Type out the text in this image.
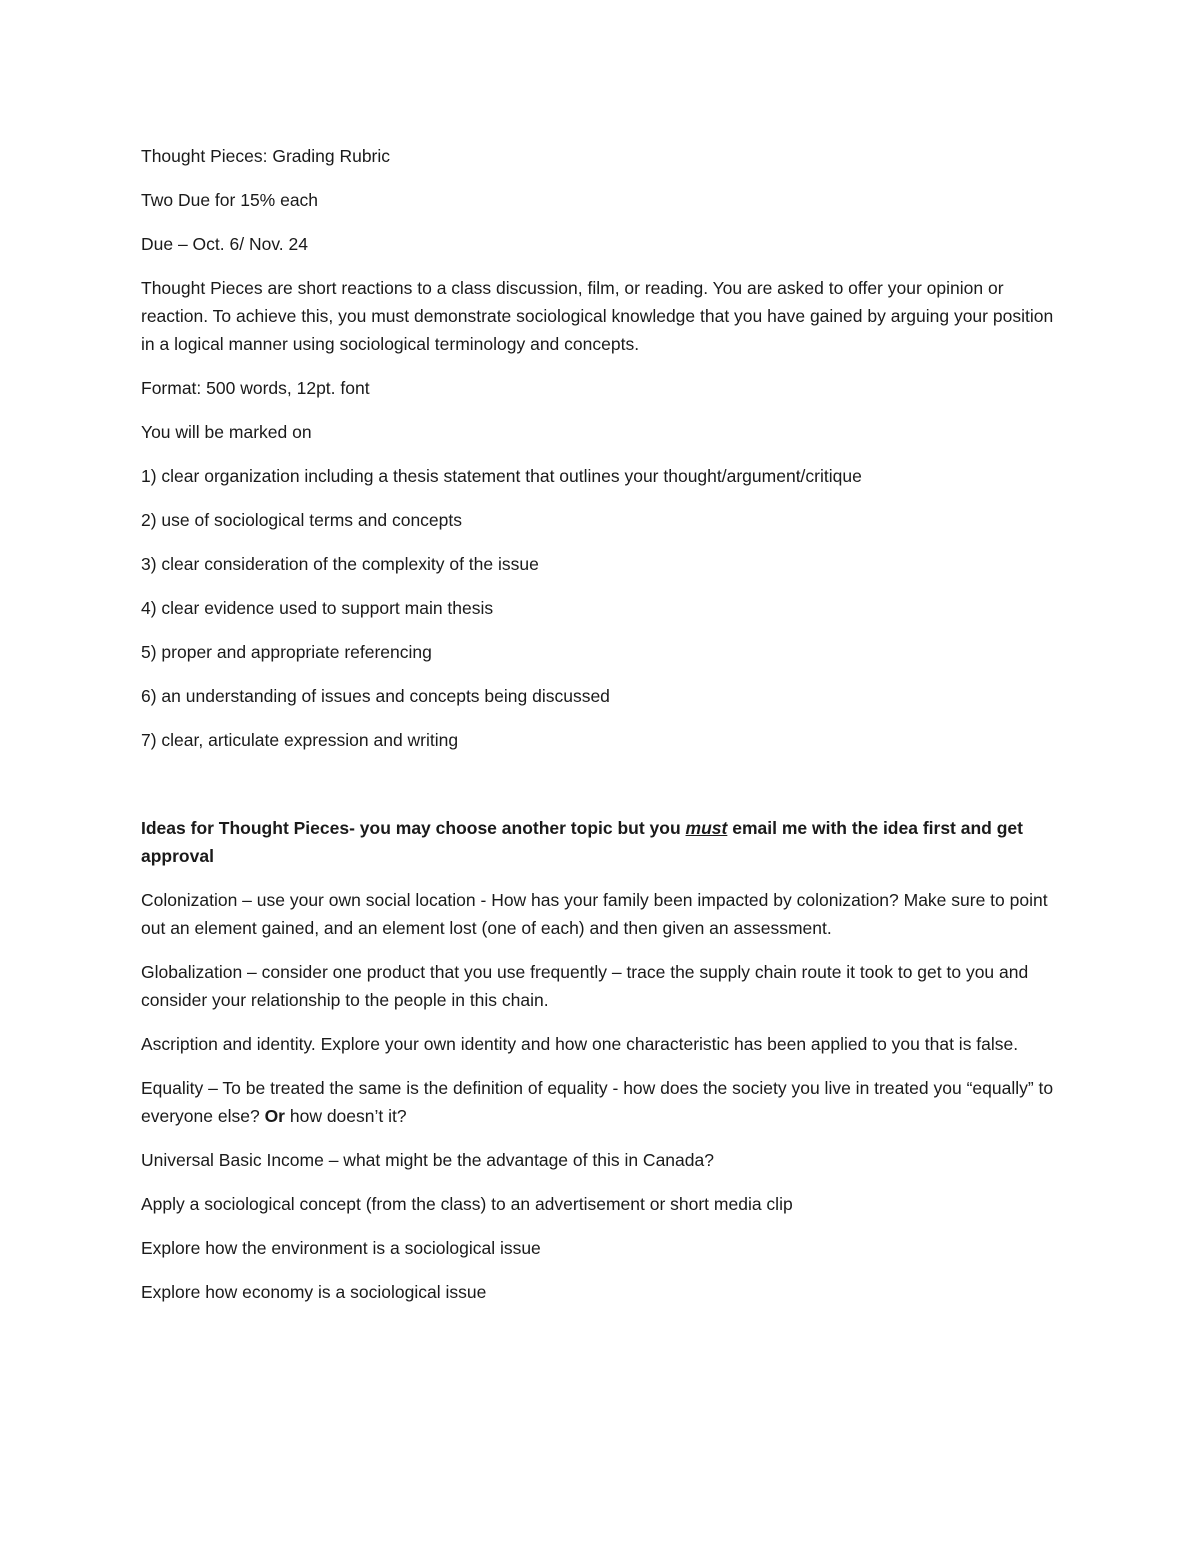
Thought Pieces: Grading Rubric

Two Due for 15% each

Due – Oct. 6/ Nov. 24

Thought Pieces are short reactions to a class discussion, film, or reading. You are asked to offer your opinion or reaction. To achieve this, you must demonstrate sociological knowledge that you have gained by arguing your position in a logical manner using sociological terminology and concepts.

Format: 500 words, 12pt. font

You will be marked on

1) clear organization including a thesis statement that outlines your thought/argument/critique

2) use of sociological terms and concepts

3) clear consideration of the complexity of the issue

4) clear evidence used to support main thesis

5) proper and appropriate referencing

6) an understanding of issues and concepts being discussed

7) clear, articulate expression and writing

Ideas for Thought Pieces- you may choose another topic but you must email me with the idea first and get approval

Colonization – use your own social location - How has your family been impacted by colonization? Make sure to point out an element gained, and an element lost (one of each) and then given an assessment.

Globalization – consider one product that you use frequently – trace the supply chain route it took to get to you and consider your relationship to the people in this chain.

Ascription and identity. Explore your own identity and how one characteristic has been applied to you that is false.

Equality – To be treated the same is the definition of equality - how does the society you live in treated you “equally” to everyone else? Or how doesn’t it?

Universal Basic Income – what might be the advantage of this in Canada?

Apply a sociological concept (from the class) to an advertisement or short media clip

Explore how the environment is a sociological issue

Explore how economy is a sociological issue
